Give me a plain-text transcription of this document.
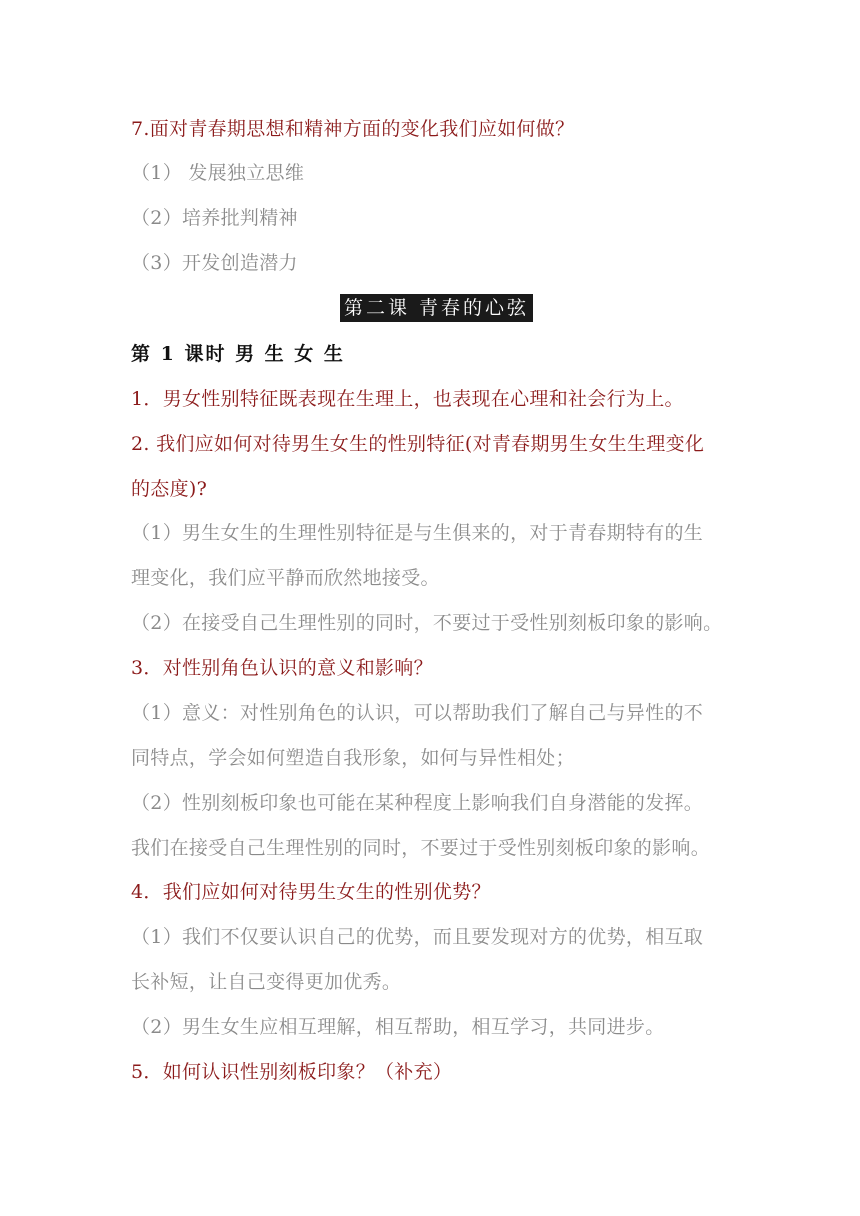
7.面对青春期思想和精神方面的变化我们应如何做？
（1） 发展独立思维
（2）培养批判精神
（3）开发创造潜力
第二课 青春的心弦
第 1 课时 男 生 女 生
1．男女性别特征既表现在生理上，也表现在心理和社会行为上。
2. 我们应如何对待男生女生的性别特征(对青春期男生女生生理变化
的态度)?
（1）男生女生的生理性别特征是与生俱来的，对于青春期特有的生
理变化，我们应平静而欣然地接受。
（2）在接受自己生理性别的同时，不要过于受性别刻板印象的影响。
3．对性别角色认识的意义和影响？
（1）意义：对性别角色的认识，可以帮助我们了解自己与异性的不
同特点，学会如何塑造自我形象，如何与异性相处；
（2）性别刻板印象也可能在某种程度上影响我们自身潜能的发挥。
我们在接受自己生理性别的同时，不要过于受性别刻板印象的影响。
4．我们应如何对待男生女生的性别优势？
（1）我们不仅要认识自己的优势，而且要发现对方的优势，相互取
长补短，让自己变得更加优秀。
（2）男生女生应相互理解，相互帮助，相互学习，共同进步。
5．如何认识性别刻板印象？（补充）
